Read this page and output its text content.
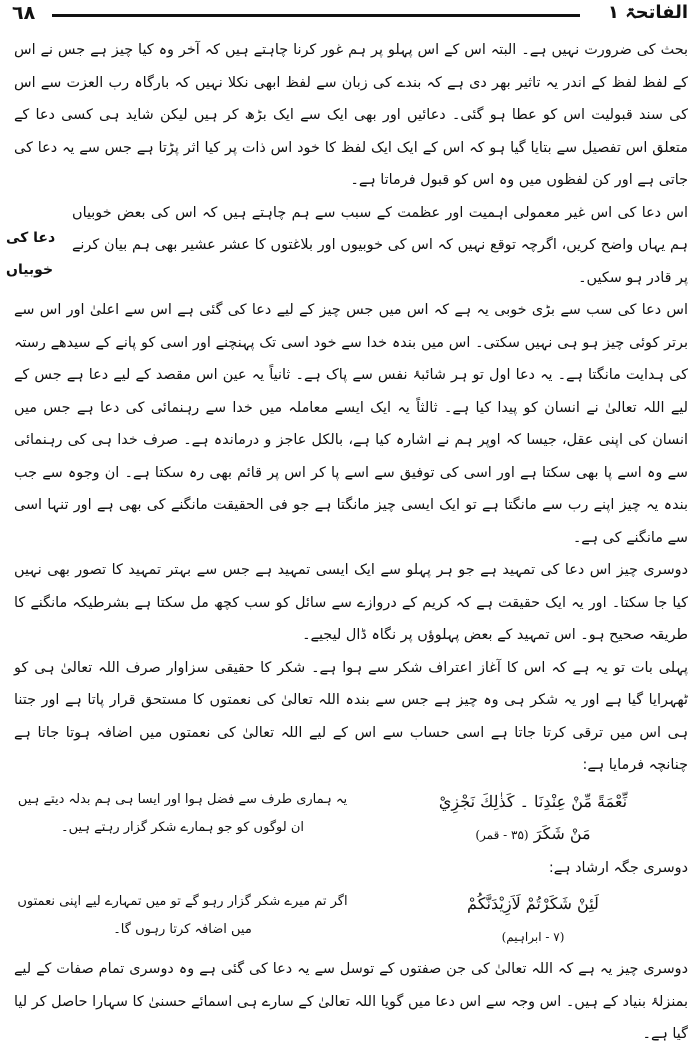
٦٨	الفاتحۃ ۱
دعا کی
خوبیاں

بحث کی ضرورت نہیں ہے۔ البتہ اس کے اس پہلو پر ہم غور کرنا چاہتے ہیں کہ آخر وہ کیا چیز ہے جس نے اس کے لفظ لفظ کے اندر یہ تاثیر بھر دی ہے کہ بندے کی زبان سے لفظ ابھی نکلا نہیں کہ بارگاہ رب العزت سے اس کی سند قبولیت اس کو عطا ہو گئی۔ دعائیں اور بھی ایک سے ایک بڑھ کر ہیں لیکن شاید ہی کسی دعا کے متعلق اس تفصیل سے بتایا گیا ہو کہ اس کے ایک ایک لفظ کا خود اس ذات پر کیا اثر پڑتا ہے جس سے یہ دعا کی جاتی ہے اور کن لفظوں میں وہ اس کو قبول فرماتا ہے۔

اس دعا کی اس غیر معمولی اہمیت اور عظمت کے سبب سے ہم چاہتے ہیں کہ اس کی بعض خوبیاں ہم یہاں واضح کریں، اگرچہ توقع نہیں کہ اس کی خوبیوں اور بلاغتوں کا عشر عشیر بھی ہم بیان کرنے پر قادر ہو سکیں۔

اس دعا کی سب سے بڑی خوبی یہ ہے کہ اس میں جس چیز کے لیے دعا کی گئی ہے اس سے اعلیٰ اور اس سے برتر کوئی چیز ہو ہی نہیں سکتی۔ اس میں بندہ خدا سے خود اسی تک پہنچنے اور اسی کو پانے کے سیدھے رستہ کی ہدایت مانگتا ہے۔ یہ دعا اول تو ہر شائبۂ نفس سے پاک ہے۔ ثانیاً یہ عین اس مقصد کے لیے دعا ہے جس کے لیے اللہ تعالیٰ نے انسان کو پیدا کیا ہے۔ ثالثاً یہ ایک ایسے معاملہ میں خدا سے رہنمائی کی دعا ہے جس میں انسان کی اپنی عقل، جیسا کہ اوپر ہم نے اشارہ کیا ہے، بالکل عاجز و درماندہ ہے۔ صرف خدا ہی کی رہنمائی سے وہ اسے پا بھی سکتا ہے اور اسی کی توفیق سے اسے پا کر اس پر قائم بھی رہ سکتا ہے۔ ان وجوہ سے جب بندہ یہ چیز اپنے رب سے مانگتا ہے تو ایک ایسی چیز مانگتا ہے جو فی الحقیقت مانگنے کی بھی ہے اور تنہا اسی سے مانگنے کی ہے۔

دوسری چیز اس دعا کی تمہید ہے جو ہر پہلو سے ایک ایسی تمہید ہے جس سے بہتر تمہید کا تصور بھی نہیں کیا جا سکتا۔ اور یہ ایک حقیقت ہے کہ کریم کے دروازے سے سائل کو سب کچھ مل سکتا ہے بشرطیکہ مانگنے کا طریقہ صحیح ہو۔ اس تمہید کے بعض پہلوؤں پر نگاہ ڈال لیجیے۔

پہلی بات تو یہ ہے کہ اس کا آغاز اعتراف شکر سے ہوا ہے۔ شکر کا حقیقی سزاوار صرف اللہ تعالیٰ ہی کو ٹھہرایا گیا ہے اور یہ شکر ہی وہ چیز ہے جس سے بندہ اللہ تعالیٰ کی نعمتوں کا مستحق قرار پاتا ہے اور جتنا ہی اس میں ترقی کرتا جاتا ہے اسی حساب سے اس کے لیے اللہ تعالیٰ کی نعمتوں میں اضافہ ہوتا جاتا ہے چنانچہ فرمایا ہے:

نِّعْمَةً مِّنْ عِنْدِنَا ۔ كَذٰلِكَ نَجْزِيْ
مَنْ شَكَرَ (۳۵ - قمر)
یہ ہماری طرف سے فضل ہوا اور ایسا ہی ہم بدلہ دیتے ہیں ان لوگوں کو جو ہمارے شکر گزار رہتے ہیں۔

دوسری جگہ ارشاد ہے:

لَئِنْ شَكَرْتُمْ لَاَزِيْدَنَّكُمْ
(۷ - ابراہیم)
اگر تم میرے شکر گزار رہو گے تو میں تمہارے لیے اپنی نعمتوں میں اضافہ کرتا رہوں گا۔

دوسری چیز یہ ہے کہ اللہ تعالیٰ کی جن صفتوں کے توسل سے یہ دعا کی گئی ہے وہ دوسری تمام صفات کے لیے بمنزلۂ بنیاد کے ہیں۔ اس وجہ سے اس دعا میں گویا اللہ تعالیٰ کے سارے ہی اسمائے حسنیٰ کا سہارا حاصل کر لیا گیا ہے۔
